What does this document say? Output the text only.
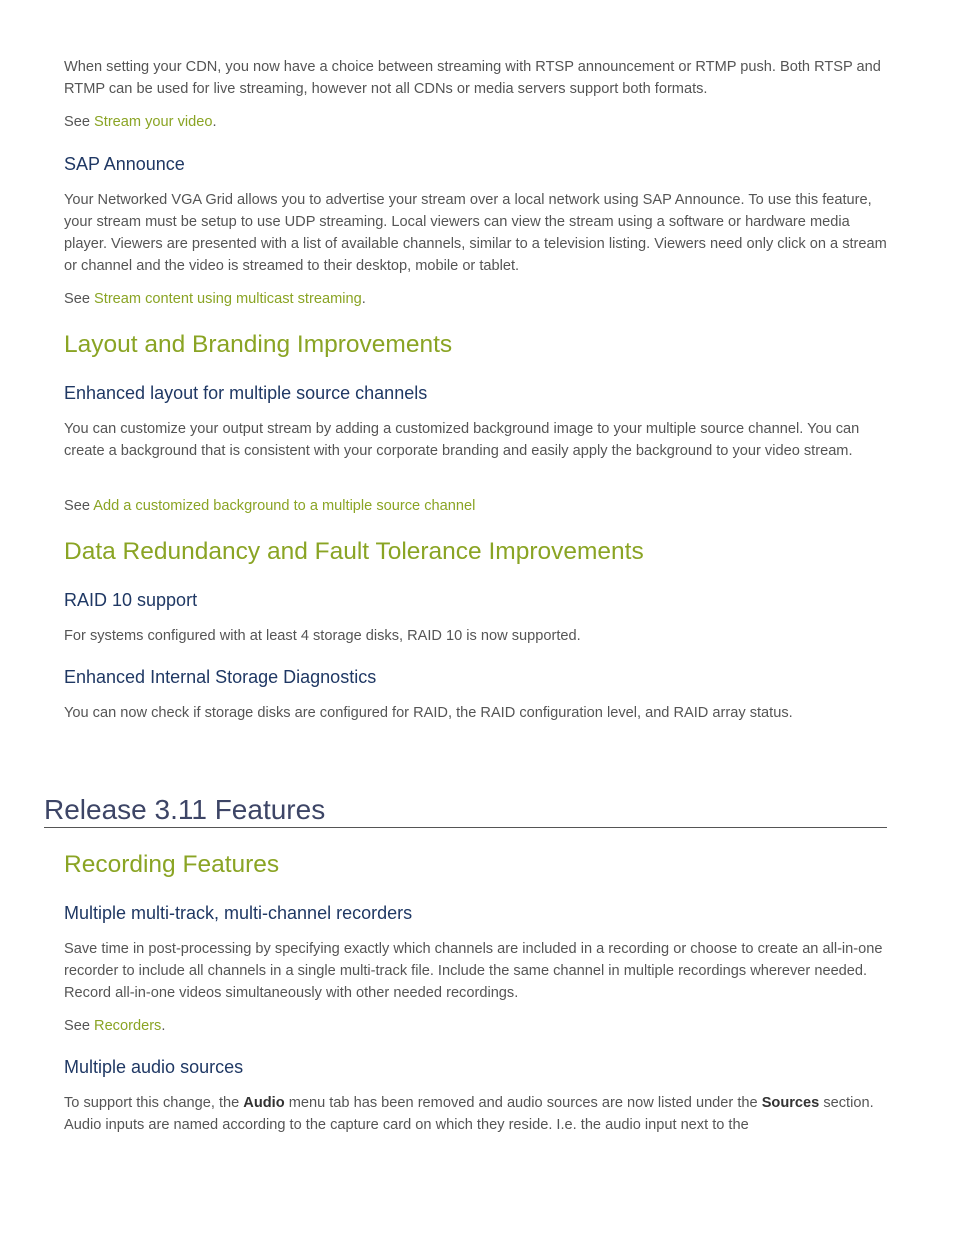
When setting your CDN, you now have a choice between streaming with RTSP announcement or RTMP push. Both RTSP and RTMP can be used for live streaming, however not all CDNs or media servers support both formats.

See Stream your video.

SAP Announce

Your Networked VGA Grid allows you to advertise your stream over a local network using SAP Announce. To use this feature, your stream must be setup to use UDP streaming. Local viewers can view the stream using a software or hardware media player. Viewers are presented with a list of available channels, similar to a television listing. Viewers need only click on a stream or channel and the video is streamed to their desktop, mobile or tablet.

See Stream content using multicast streaming.

Layout and Branding Improvements
Enhanced layout for multiple source channels

You can customize your output stream by adding a customized background image to your multiple source channel. You can create a background that is consistent with your corporate branding and easily apply the background to your video stream.

See Add a customized background to a multiple source channel

Data Redundancy and Fault Tolerance Improvements
RAID 10 support

For systems configured with at least 4 storage disks, RAID 10 is now supported.

Enhanced Internal Storage Diagnostics

You can now check if storage disks are configured for RAID, the RAID configuration level, and RAID array status.

Release 3.11 Features
Recording Features
Multiple multi-track, multi-channel recorders

Save time in post-processing by specifying exactly which channels are included in a recording or choose to create an all-in-one recorder to include all channels in a single multi-track file. Include the same channel in multiple recordings wherever needed. Record all-in-one videos simultaneously with other needed recordings.

See Recorders.

Multiple audio sources

To support this change, the Audio menu tab has been removed and audio sources are now listed under the Sources section. Audio inputs are named according to the capture card on which they reside. I.e. the audio input next to the
